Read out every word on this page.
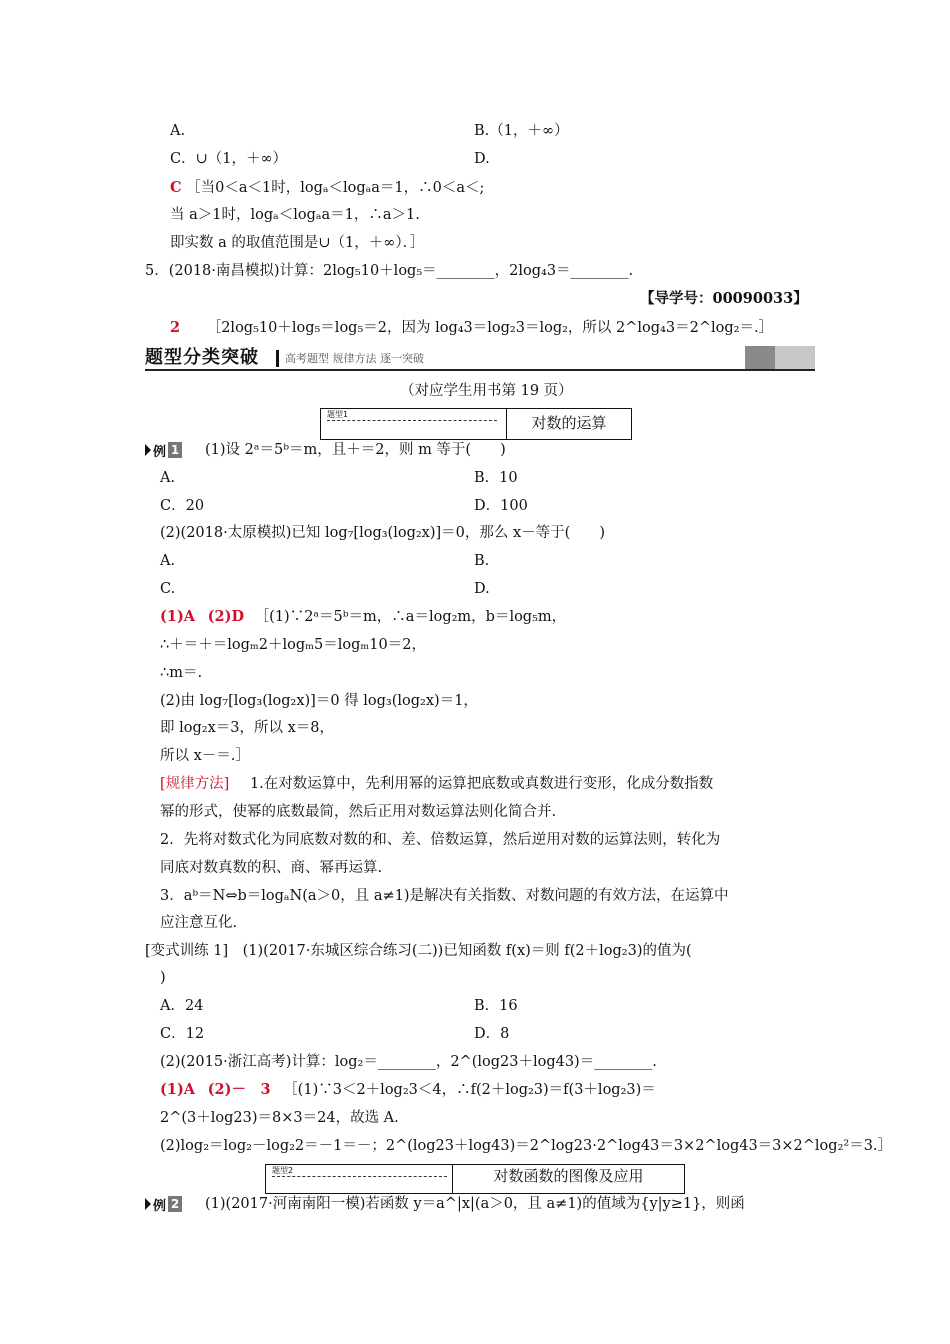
A.	B.（1，＋∞）
C．∪（1，＋∞）	D.
C ［当0＜a＜1时，logₐ＜logₐa＝1，∴0＜a＜;
当 a＞1时，logₐ＜logₐa＝1，∴a＞1.
即实数 a 的取值范围是∪（1，＋∞）．］
5．(2018·南昌模拟)计算：2log₅10＋log₅＝________，2log₄3＝________.
【导学号：00090033】
2 ［2log₅10＋log₅＝log₅＝2，因为 log₄3＝log₂3＝log₂，所以 2^log₄3＝2^log₂＝.］
题型分类突破 高考题型 规律方法 逐一突破
（对应学生用书第 19 页）
题型1	对数的运算
例 1 (1)设 2ᵃ＝5ᵇ＝m，且＋＝2，则 m 等于(　　)
A.	B．10
C．20	D．100
(2)(2018·太原模拟)已知 log₇[log₃(log₂x)]＝0，那么 x－等于(　　)
A.	B.
C.	D.
(1)A (2)D ［(1)∵2ᵃ＝5ᵇ＝m，∴a＝log₂m，b＝log₅m，
∴＋＝＋＝logₘ2＋logₘ5＝logₘ10＝2，
∴m＝.
(2)由 log₇[log₃(log₂x)]＝0 得 log₃(log₂x)＝1，
即 log₂x＝3，所以 x＝8，
所以 x－＝.］
[规律方法] 1.在对数运算中，先利用幂的运算把底数或真数进行变形，化成分数指数
幂的形式，使幂的底数最简，然后正用对数运算法则化简合并.
2．先将对数式化为同底数对数的和、差、倍数运算，然后逆用对数的运算法则，转化为
同底对数真数的积、商、幂再运算.
3．aᵇ＝N⇔b＝logₐN(a＞0，且 a≠1)是解决有关指数、对数问题的有效方法，在运算中
应注意互化.
[变式训练 1]　(1)(2017·东城区综合练习(二))已知函数 f(x)＝则 f(2＋log₂3)的值为(
)
A．24	B．16
C．12	D．8
(2)(2015·浙江高考)计算：log₂＝________，2^(log23＋log43)＝________.
(1)A (2)－　3 ［(1)∵3＜2＋log₂3＜4，∴f(2＋log₂3)＝f(3＋log₂3)＝
2^(3＋log23)＝8×3＝24，故选 A.
(2)log₂＝log₂－log₂2＝－1＝－；2^(log23＋log43)＝2^log23·2^log43＝3×2^log43＝3×2^log₂²＝3.］
题型2	对数函数的图像及应用
例 2 (1)(2017·河南南阳一模)若函数 y＝a^|x|(a＞0，且 a≠1)的值域为{y|y≥1}，则函
